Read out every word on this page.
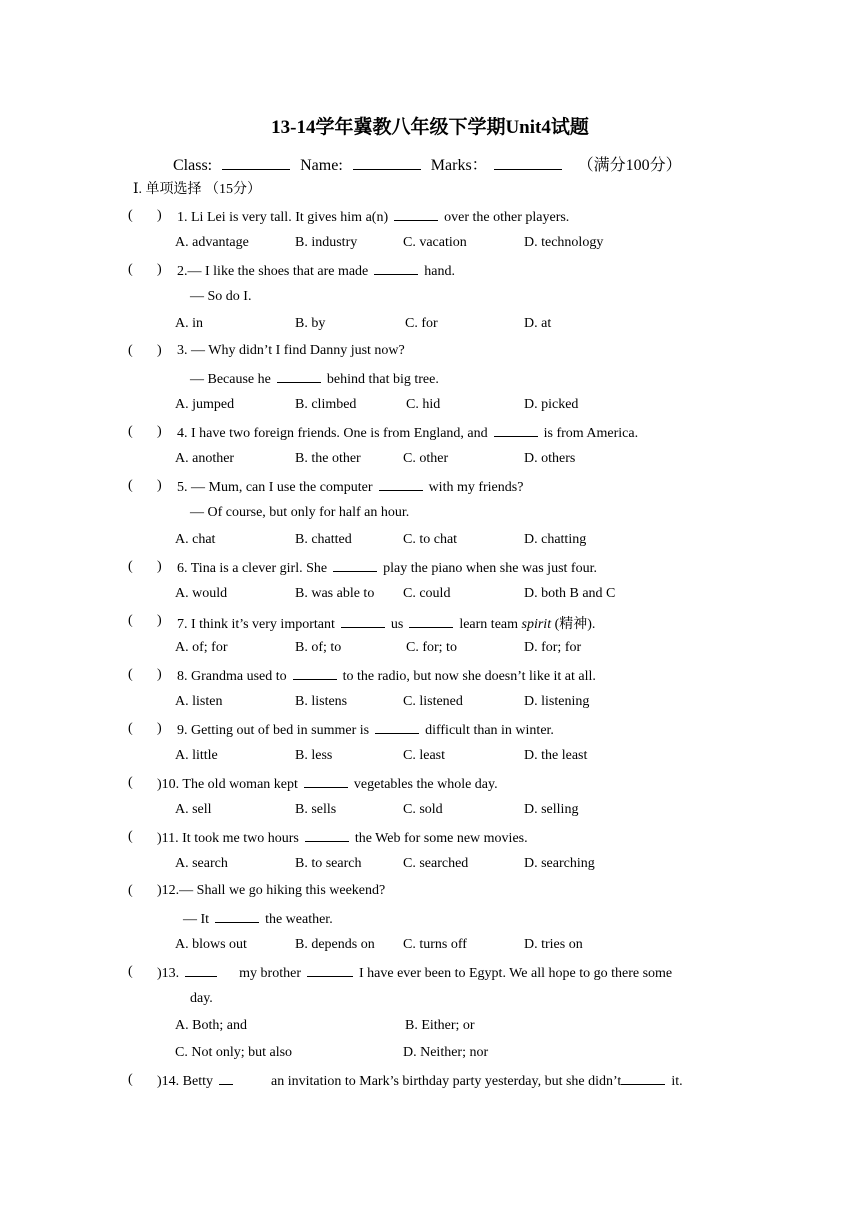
13-14学年冀教八年级下学期Unit4试题
Class:	Name:	Marks：	（满分100分）
Ⅰ. 单项选择 （15分）
( ) 1. Li Lei is very tall. It gives him a(n)	over the other players.
A. advantage	B. industry	C. vacation	D. technology
( ) 2.— I like the shoes that are made	hand.
— So do I.
A. in	B. by	C. for	D. at
( ) 3. — Why didn’t I find Danny just now?
— Because he	behind that big tree.
A. jumped	B. climbed	C. hid	D. picked
( ) 4. I have two foreign friends. One is from England, and	is from America.
A. another	B. the other	C. other	D. others
( ) 5. — Mum, can I use the computer	with my friends?
— Of course, but only for half an hour.
A. chat	B. chatted	C. to chat	D. chatting
( ) 6. Tina is a clever girl. She	play the piano when she was just four.
A. would	B. was able to C. could	D. both B and C
( ) 7. I think it’s very important	us	learn team spirit (精神).
A. of; for	B. of; to	C. for; to	D. for; for
( ) 8. Grandma used to	to the radio, but now she doesn’t like it at all.
A. listen	B. listens	C. listened	D. listening
( ) 9. Getting out of bed in summer is	difficult than in winter.
A. little	B. less	C. least	D. the least
( )10. The old woman kept	vegetables the whole day.
A. sell	B. sells	C. sold	D. selling
( )11. It took me two hours	the Web for some new movies.
A. search	B. to search	C. searched	D. searching
( )12.— Shall we go hiking this weekend?
— It	the weather.
A. blows out	B. depends on C. turns off	D. tries on
( )13.	my brother	I have ever been to Egypt. We all hope to go there some
day.
A. Both; and	B. Either; or
C. Not only; but also	D. Neither; nor
( )14. Betty	an invitation to Mark’s birthday party yesterday, but she didn’t	it.
